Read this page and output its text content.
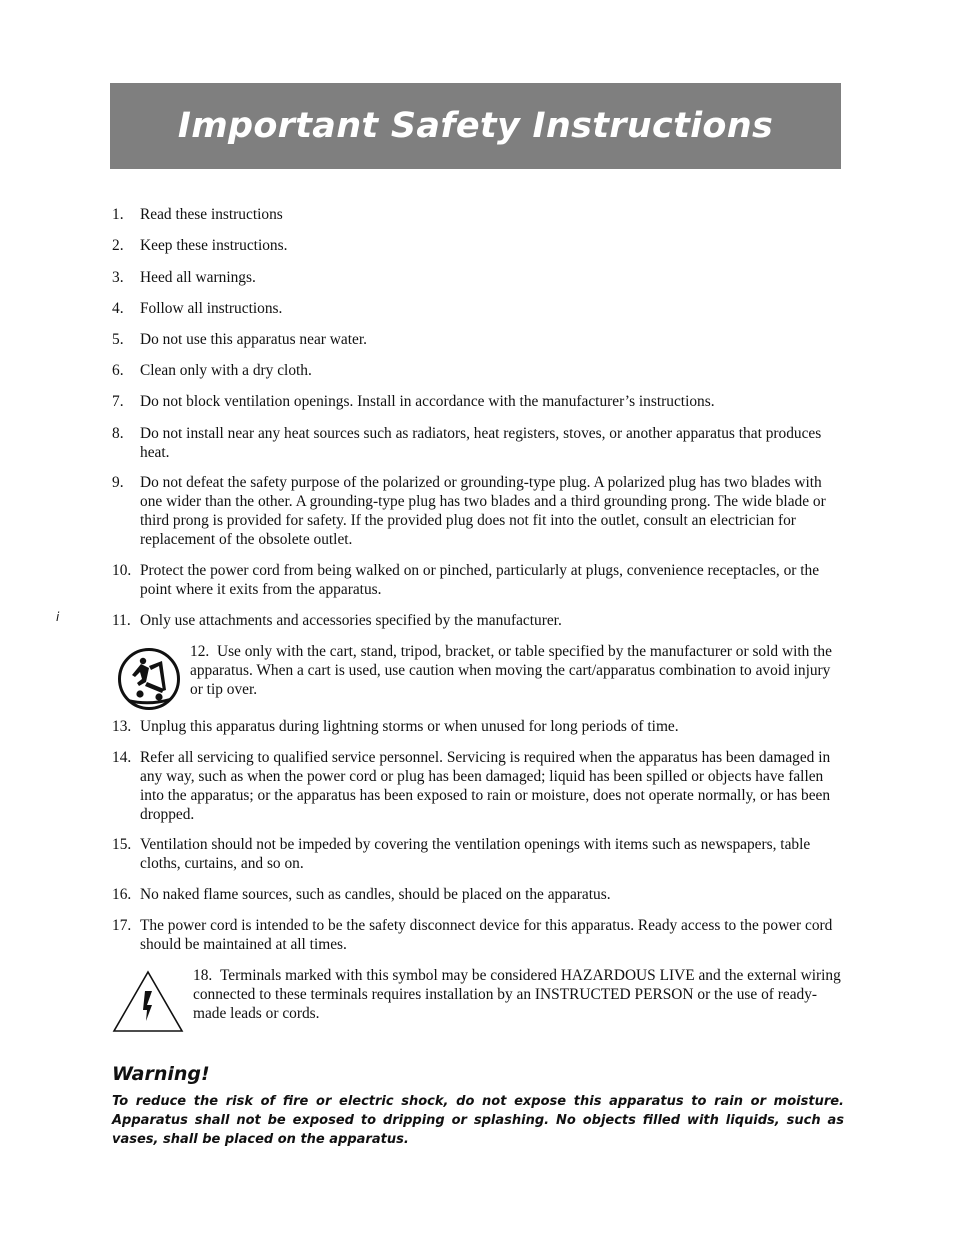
Important Safety Instructions
i
1.	Read these instructions
2.	Keep these instructions.
3.	Heed all warnings.
4.	Follow all instructions.
5.	Do not use this apparatus near water.
6.	Clean only with a dry cloth.
7.	Do not block ventilation openings. Install in accordance with the manufacturer’s instructions.
8.	Do not install near any heat sources such as radiators, heat registers, stoves, or another apparatus that produces heat.
9.	Do not defeat the safety purpose of the polarized or grounding-type plug. A polarized plug has two blades with one wider than the other. A grounding-type plug has two blades and a third grounding prong. The wide blade or third prong is provided for safety. If the provided plug does not fit into the outlet, consult an electrician for replacement of the obsolete outlet.
10. Protect the power cord from being walked on or pinched, particularly at plugs, convenience receptacles, or the point where it exits from the apparatus.
11. Only use attachments and accessories specified by the manufacturer.
12. Use only with the cart, stand, tripod, bracket, or table specified by the manufacturer or sold with the apparatus. When a cart is used, use caution when moving the cart/apparatus combination to avoid injury or tip over.
13. Unplug this apparatus during lightning storms or when unused for long periods of time.
14. Refer all servicing to qualified service personnel. Servicing is required when the apparatus has been damaged in any way, such as when the power cord or plug has been damaged; liquid has been spilled or objects have fallen into the apparatus; or the apparatus has been exposed to rain or moisture, does not operate normally, or has been dropped.
15. Ventilation should not be impeded by covering the ventilation openings with items such as newspapers, table cloths, curtains, and so on.
16. No naked flame sources, such as candles, should be placed on the apparatus.
17. The power cord is intended to be the safety disconnect device for this apparatus. Ready access to the power cord should be maintained at all times.
18. Terminals marked with this symbol may be considered HAZARDOUS LIVE and the external wiring connected to these terminals requires installation by an INSTRUCTED PERSON or the use of ready-made leads or cords.
Warning!

To reduce the risk of fire or electric shock, do not expose this apparatus to rain or moisture. Apparatus shall not be exposed to dripping or splashing. No objects filled with liquids, such as vases, shall be placed on the apparatus.
